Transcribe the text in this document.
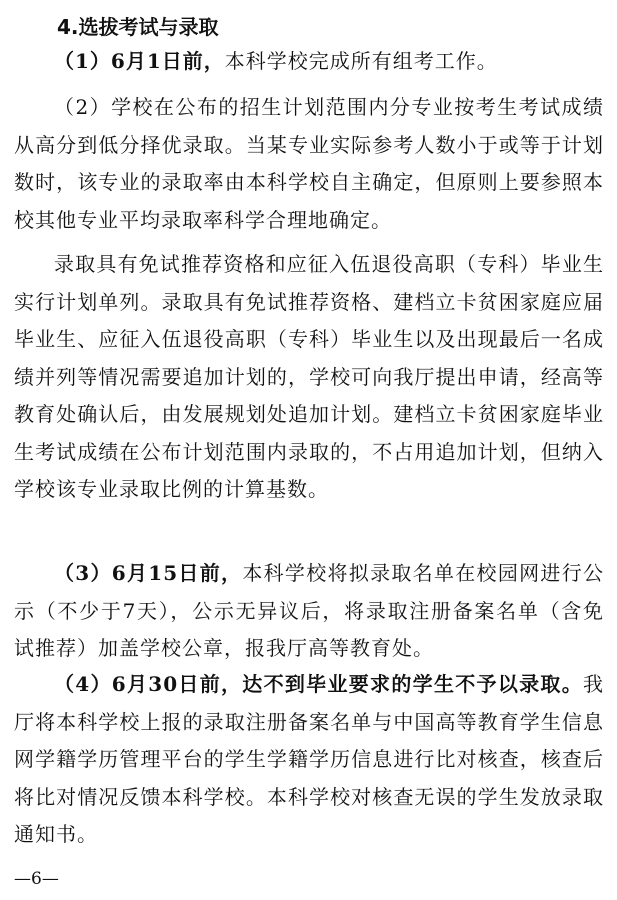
4.选拔考试与录取

（1）6月1日前，本科学校完成所有组考工作。

（2）学校在公布的招生计划范围内分专业按考生考试成绩从高分到低分择优录取。当某专业实际参考人数小于或等于计划数时，该专业的录取率由本科学校自主确定，但原则上要参照本校其他专业平均录取率科学合理地确定。

录取具有免试推荐资格和应征入伍退役高职（专科）毕业生实行计划单列。录取具有免试推荐资格、建档立卡贫困家庭应届毕业生、应征入伍退役高职（专科）毕业生以及出现最后一名成绩并列等情况需要追加计划的，学校可向我厅提出申请，经高等教育处确认后，由发展规划处追加计划。建档立卡贫困家庭毕业生考试成绩在公布计划范围内录取的，不占用追加计划，但纳入学校该专业录取比例的计算基数。

（3）6月15日前，本科学校将拟录取名单在校园网进行公示（不少于7天），公示无异议后，将录取注册备案名单（含免试推荐）加盖学校公章，报我厅高等教育处。

（4）6月30日前，达不到毕业要求的学生不予以录取。我厅将本科学校上报的录取注册备案名单与中国高等教育学生信息网学籍学历管理平台的学生学籍学历信息进行比对核查，核查后将比对情况反馈本科学校。本科学校对核查无误的学生发放录取通知书。

—6—
